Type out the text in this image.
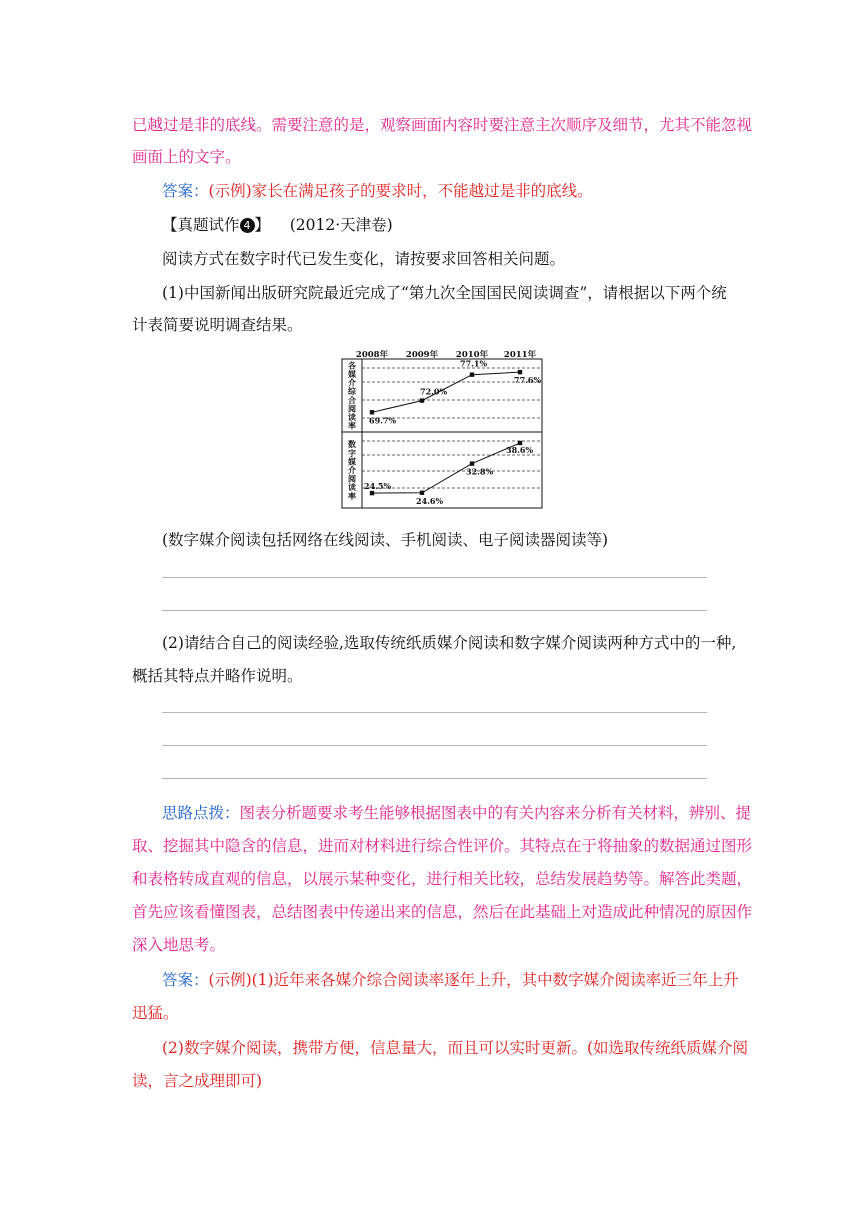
已越过是非的底线。需要注意的是，观察画面内容时要注意主次顺序及细节，尤其不能忽视
画面上的文字。
答案：(示例)家长在满足孩子的要求时，不能越过是非的底线。
【真题试作 4 】 (2012·天津卷)
阅读方式在数字时代已发生变化，请按要求回答相关问题。
(1)中国新闻出版研究院最近完成了“第九次全国国民阅读调查”，请根据以下两个统
计表简要说明调查结果。
2008年 2009年 2010年 2011年
各
媒
介
综
合
阅
读
率
69.7%
72.0%
77.1%
77.6%
数
字
媒
介
阅
读
率
24.5%
24.6%
32.8%
38.6%
(数字媒介阅读包括网络在线阅读、手机阅读、电子阅读器阅读等)
(2)请结合自己的阅读经验,选取传统纸质媒介阅读和数字媒介阅读两种方式中的一种,
概括其特点并略作说明。
思路点拨：图表分析题要求考生能够根据图表中的有关内容来分析有关材料，辨别、提
取、挖掘其中隐含的信息，进而对材料进行综合性评价。其特点在于将抽象的数据通过图形
和表格转成直观的信息，以展示某种变化，进行相关比较，总结发展趋势等。解答此类题，
首先应该看懂图表，总结图表中传递出来的信息，然后在此基础上对造成此种情况的原因作
深入地思考。
答案：(示例)(1)近年来各媒介综合阅读率逐年上升，其中数字媒介阅读率近三年上升
迅猛。
(2)数字媒介阅读，携带方便，信息量大，而且可以实时更新。(如选取传统纸质媒介阅
读，言之成理即可)
